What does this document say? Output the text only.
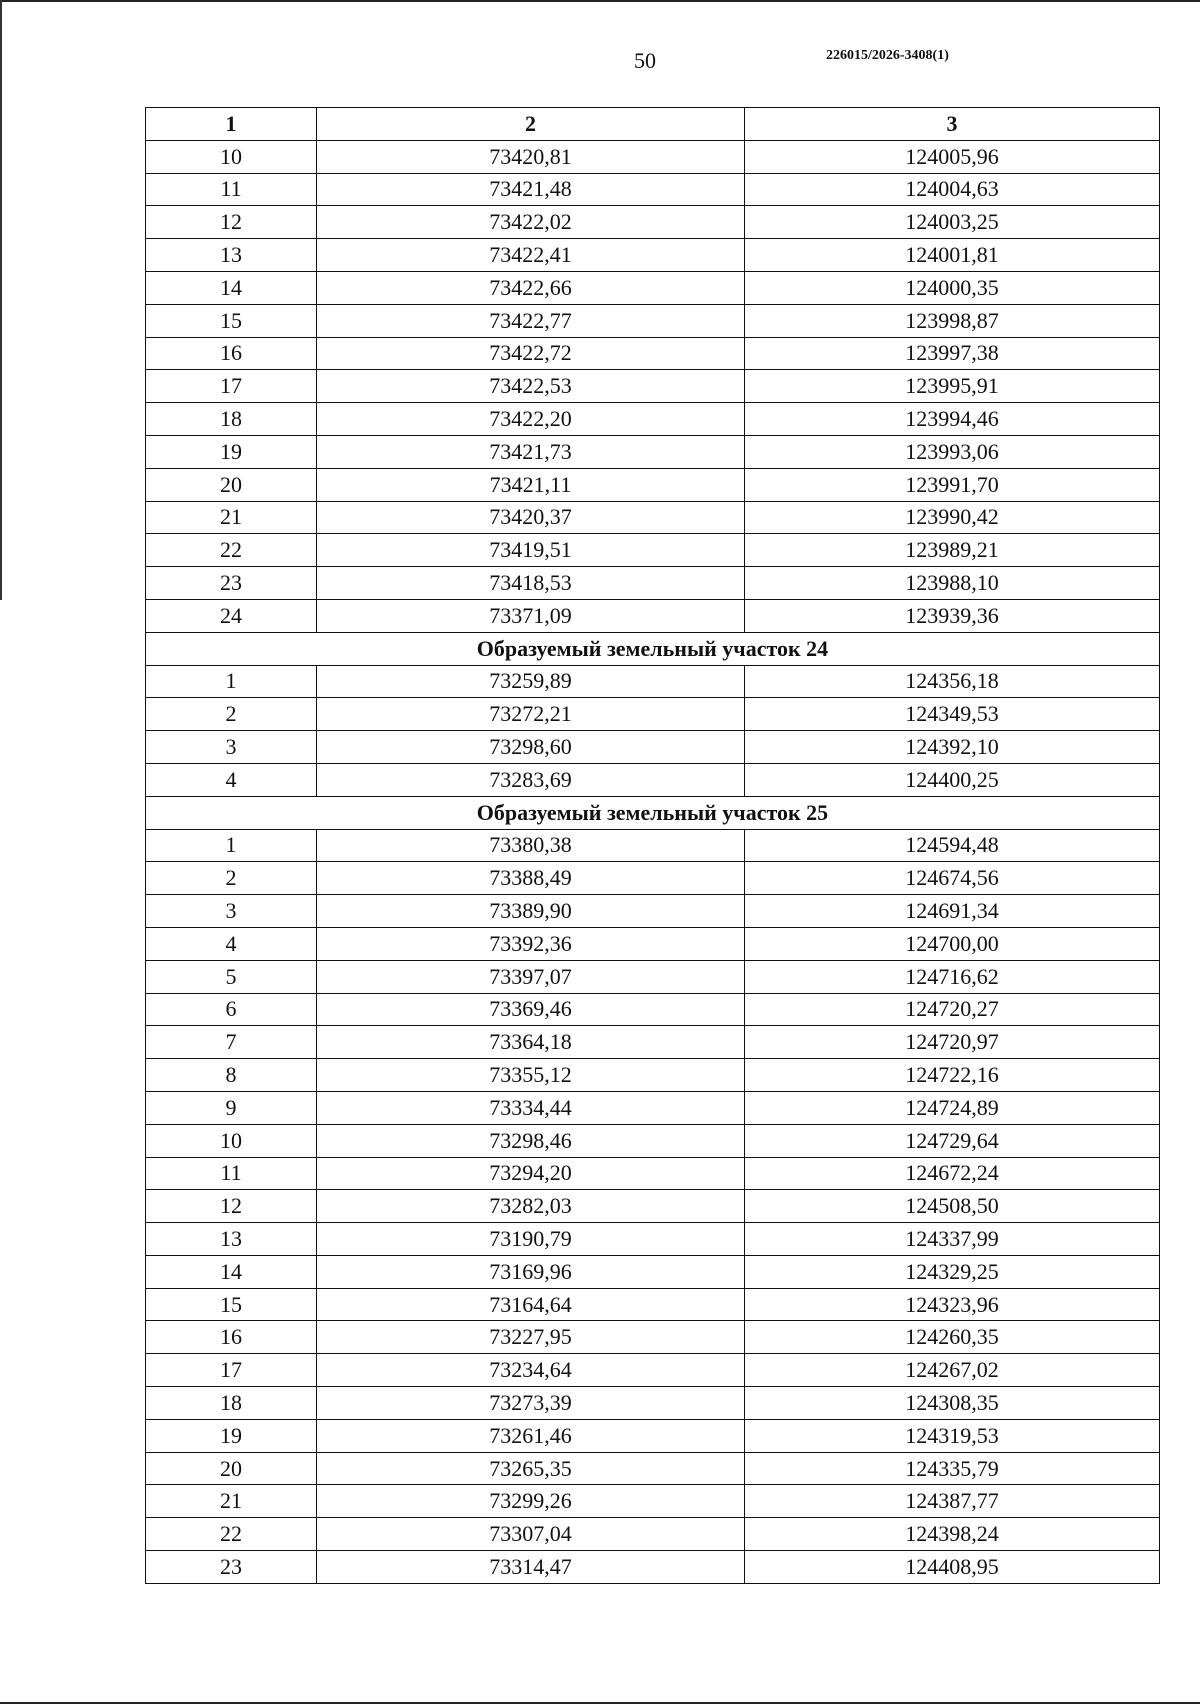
50	226015/2026-3408(1)
1	2	3
10	73420,81	124005,96
11	73421,48	124004,63
12	73422,02	124003,25
13	73422,41	124001,81
14	73422,66	124000,35
15	73422,77	123998,87
16	73422,72	123997,38
17	73422,53	123995,91
18	73422,20	123994,46
19	73421,73	123993,06
20	73421,11	123991,70
21	73420,37	123990,42
22	73419,51	123989,21
23	73418,53	123988,10
24	73371,09	123939,36
Образуемый земельный участок 24		
1	73259,89	124356,18
2	73272,21	124349,53
3	73298,60	124392,10
4	73283,69	124400,25
Образуемый земельный участок 25		
1	73380,38	124594,48
2	73388,49	124674,56
3	73389,90	124691,34
4	73392,36	124700,00
5	73397,07	124716,62
6	73369,46	124720,27
7	73364,18	124720,97
8	73355,12	124722,16
9	73334,44	124724,89
10	73298,46	124729,64
11	73294,20	124672,24
12	73282,03	124508,50
13	73190,79	124337,99
14	73169,96	124329,25
15	73164,64	124323,96
16	73227,95	124260,35
17	73234,64	124267,02
18	73273,39	124308,35
19	73261,46	124319,53
20	73265,35	124335,79
21	73299,26	124387,77
22	73307,04	124398,24
23	73314,47	124408,95
